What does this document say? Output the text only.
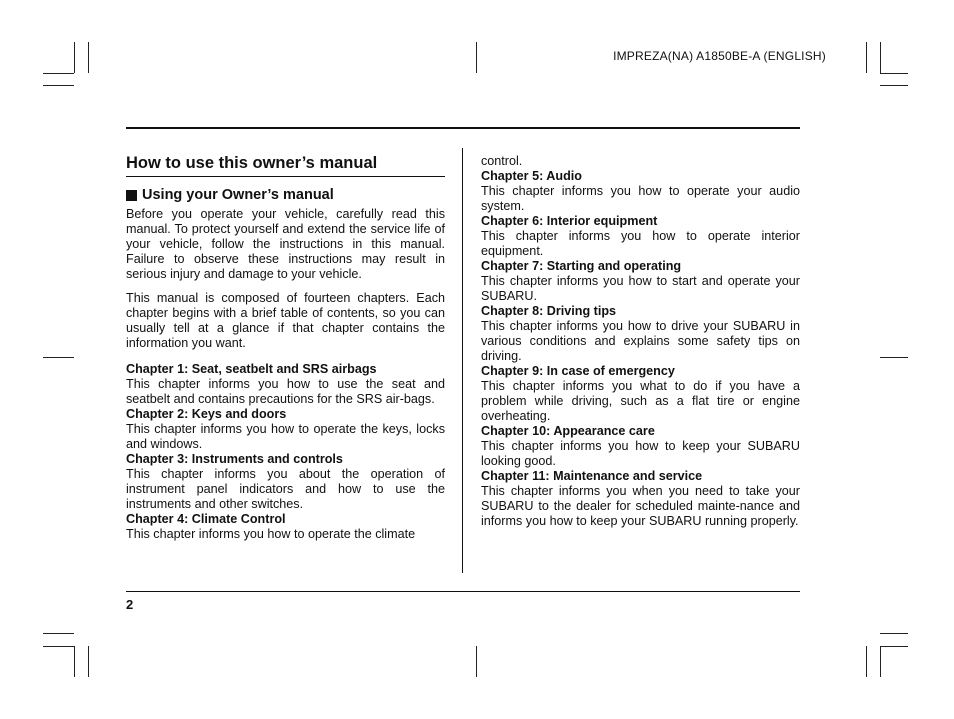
IMPREZA(NA) A1850BE-A (ENGLISH)
How to use this owner’s manual
Using your Owner’s manual

Before you operate your vehicle, carefully read this manual. To protect yourself and extend the service life of your vehicle, follow the instructions in this manual. Failure to observe these instructions may result in serious injury and damage to your vehicle.

This manual is composed of fourteen chapters. Each chapter begins with a brief table of contents, so you can usually tell at a glance if that chapter contains the information you want.

Chapter 1: Seat, seatbelt and SRS airbags

This chapter informs you how to use the seat and seatbelt and contains precautions for the SRS air-bags.

Chapter 2: Keys and doors

This chapter informs you how to operate the keys, locks and windows.

Chapter 3: Instruments and controls

This chapter informs you about the operation of instrument panel indicators and how to use the instruments and other switches.

Chapter 4: Climate Control

This chapter informs you how to operate the climate

control.

Chapter 5: Audio

This chapter informs you how to operate your audio system.

Chapter 6: Interior equipment

This chapter informs you how to operate interior equipment.

Chapter 7: Starting and operating

This chapter informs you how to start and operate your SUBARU.

Chapter 8: Driving tips

This chapter informs you how to drive your SUBARU in various conditions and explains some safety tips on driving.

Chapter 9: In case of emergency

This chapter informs you what to do if you have a problem while driving, such as a flat tire or engine overheating.

Chapter 10: Appearance care

This chapter informs you how to keep your SUBARU looking good.

Chapter 11: Maintenance and service

This chapter informs you when you need to take your SUBARU to the dealer for scheduled mainte-nance and informs you how to keep your SUBARU running properly.

2
